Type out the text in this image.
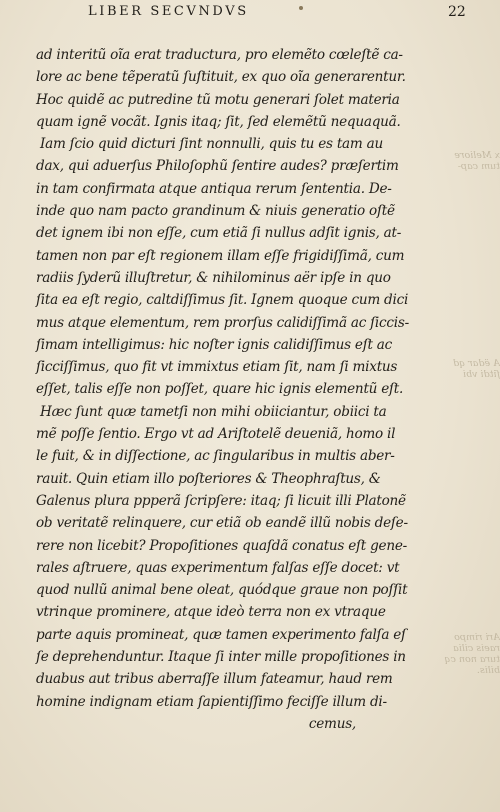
LIBER SECVNDVS	22
ad interitũ oĩa erat traductura, pro elemẽto cœleſtẽ ca-
lore ac bene tẽperatũ ſuſtituit, ex quo oĩa generarentur.
Hoc quidẽ ac putredine tũ motu generari ſolet materia
quam ignẽ vocãt. Ignis itaq; ſit, ſed elemẽtũ nequaquã.
Iam ſcio quid dicturi ſint nonnulli, quis tu es tam au
dax, qui aduerſus Philoſophũ ſentire audes? præſertim
in tam confirmata atque antiqua rerum ſententia. De-
inde quo nam pacto grandinum & niuis generatio oſtẽ
det ignem ibi non eſſe, cum etiã ſi nullus adſit ignis, at-
tamen non par eſt regionem illam eſſe frigidiſſimã, cum
radiis ſyderũ illuſtretur, & nihilominus aër ipſe in quo
ſita ea eſt regio, caltdiſſimus ſit. Ignem quoque cum dici
mus atque elementum, rem prorſus calidiſſimã ac ſiccis-
ſimam intelligimus: hic noſter ignis calidiſſimus eſt ac
ſicciſſimus, quo fit vt immixtus etiam ſit, nam ſi mixtus
eſſet, talis eſſe non poſſet, quare hic ignis elementũ eſt.
Hæc ſunt quæ tametſi non mihi obiiciantur, obiici ta
mẽ poſſe ſentio. Ergo vt ad Ariſtotelẽ deueniã, homo il
le fuit, & in diſſectione, ac ſingularibus in multis aber-
rauit. Quin etiam illo poſteriores & Theophraſtus, &
Galenus plura ppperã ſcripſere: itaq; ſi licuit illi Platonẽ
ob veritatẽ relinquere, cur etiã ob eandẽ illũ nobis deſe-
rere non licebit? Propoſitiones quaſdã conatus eſt gene-
rales aſtruere, quas experimentum falſas eſſe docet: vt
quod nullũ animal bene oleat, quódque graue non poſſit
vtrinque prominere, atque ideò terra non ex vtraque
parte aquis promineat, quæ tamen experimento falſa eſ
ſe deprehenduntur. Itaque ſi inter mille propoſitiones in
duabus aut tribus aberraſſe illum fateamur, haud rem
homine indignam etiam ſapientiſſimo feciſſe illum di-
cemus,
x Meliore tum cap-
A ëdar qd ſitdi vbi
Ari rimpo raeis cilia tura non cq bilis.
